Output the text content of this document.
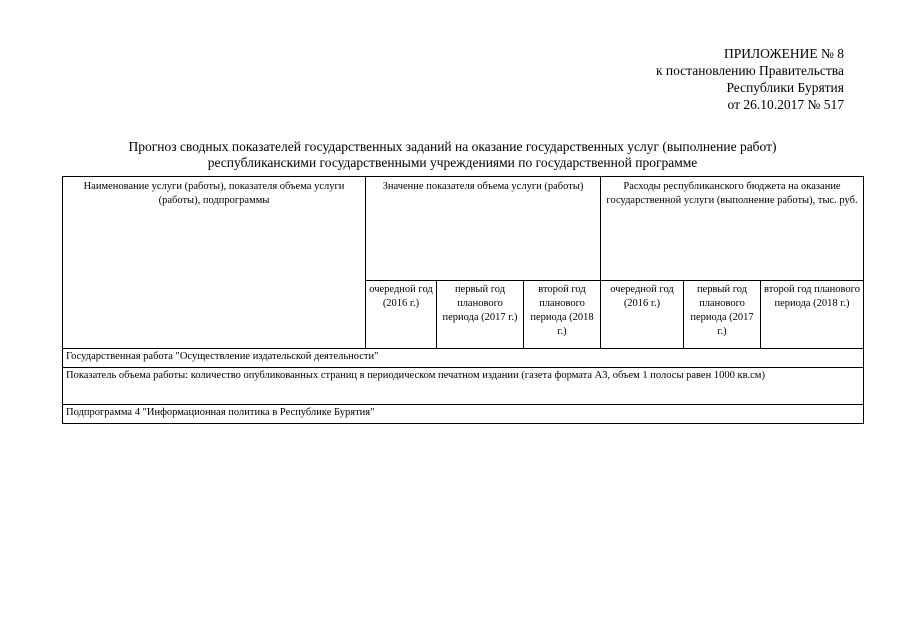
ПРИЛОЖЕНИЕ № 8
к постановлению Правительства
Республики Бурятия
от 26.10.2017 № 517
Прогноз сводных показателей государственных заданий на оказание государственных услуг (выполнение работ)
республиканскими государственными учреждениями по государственной программе
Наименование услуги (работы), показателя объема услуги (работы), подпрограммы	Значение показателя объема услуги (работы)			Расходы республиканского бюджета на оказание государственной услуги (выполнение работы), тыс. руб.		

	очередной год (2016 г.)	первый год планового периода (2017 г.)	второй год планового периода (2018 г.)	очередной год (2016 г.)	первый год планового периода (2017 г.)	второй год планового периода (2018 г.)
Государственная работа "Осуществление издательской деятельности"						
Показатель объема работы: количество опубликованных страниц в периодическом печатном издании (газета формата А3, объем 1 полосы равен 1000 кв.см)						
Подпрограмма 4 "Информационная политика в Республике Бурятия"						
